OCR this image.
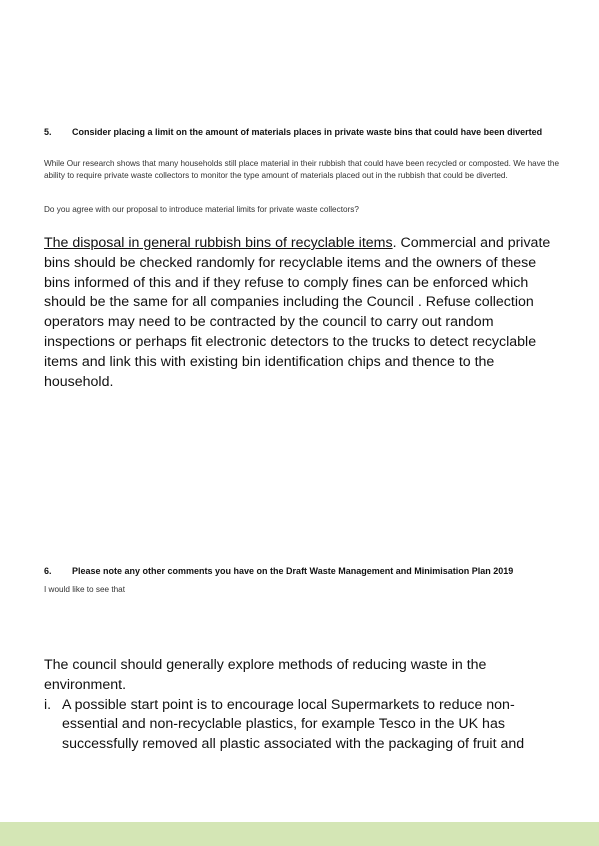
5. Consider placing a limit on the amount of materials places in private waste bins that could have been diverted
While Our research shows that many households still place material in their rubbish that could have been recycled or composted. We have the ability to require private waste collectors to monitor the type amount of materials placed out in the rubbish that could be diverted.
Do you agree with our proposal to introduce material limits for private waste collectors?
The disposal in general rubbish bins of recyclable items. Commercial and private bins should be checked randomly for recyclable items and the owners of these bins informed of this and if they refuse to comply fines can be enforced which should be the same for all companies including the Council . Refuse collection operators may need to be contracted by the council to carry out random inspections or perhaps fit electronic detectors to the trucks to detect recyclable items and link this with existing bin identification chips and thence to the household.
6. Please note any other comments you have on the Draft Waste Management and Minimisation Plan 2019
I would like to see that
The council should generally explore methods of reducing waste in the environment.
i. A possible start point is to encourage local Supermarkets to reduce non-essential and non-recyclable plastics, for example Tesco in the UK has successfully removed all plastic associated with the packaging of fruit and
